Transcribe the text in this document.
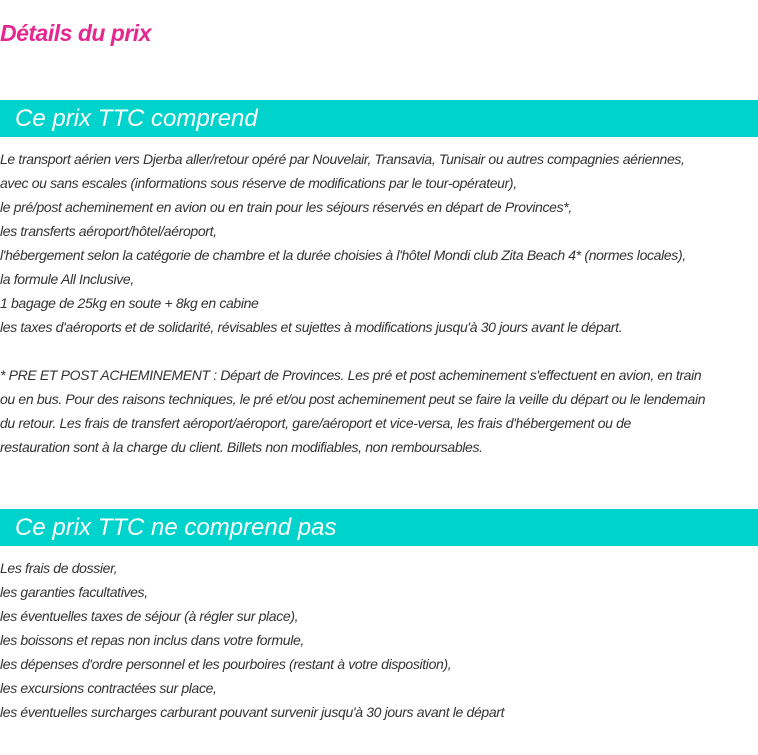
Détails du prix
Ce prix TTC comprend
Le transport aérien vers Djerba aller/retour opéré par Nouvelair, Transavia, Tunisair ou autres compagnies aériennes,
avec ou sans escales (informations sous réserve de modifications par le tour-opérateur),
le pré/post acheminement en avion ou en train pour les séjours réservés en départ de Provinces*,
les transferts aéroport/hôtel/aéroport,
l'hébergement selon la catégorie de chambre et la durée choisies à l'hôtel Mondi club Zita Beach 4* (normes locales),
la formule All Inclusive,
1 bagage de 25kg en soute + 8kg en cabine
les taxes d'aéroports et de solidarité, révisables et sujettes à modifications jusqu'à 30 jours avant le départ.
* PRE ET POST ACHEMINEMENT : Départ de Provinces. Les pré et post acheminement s'effectuent en avion, en train
ou en bus. Pour des raisons techniques, le pré et/ou post acheminement peut se faire la veille du départ ou le lendemain
du retour. Les frais de transfert aéroport/aéroport, gare/aéroport et vice-versa, les frais d'hébergement ou de
restauration sont à la charge du client. Billets non modifiables, non remboursables.
Ce prix TTC ne comprend pas
Les frais de dossier,
les garanties facultatives,
les éventuelles taxes de séjour (à régler sur place),
les boissons et repas non inclus dans votre formule,
les dépenses d'ordre personnel et les pourboires (restant à votre disposition),
les excursions contractées sur place,
les éventuelles surcharges carburant pouvant survenir jusqu'à 30 jours avant le départ
